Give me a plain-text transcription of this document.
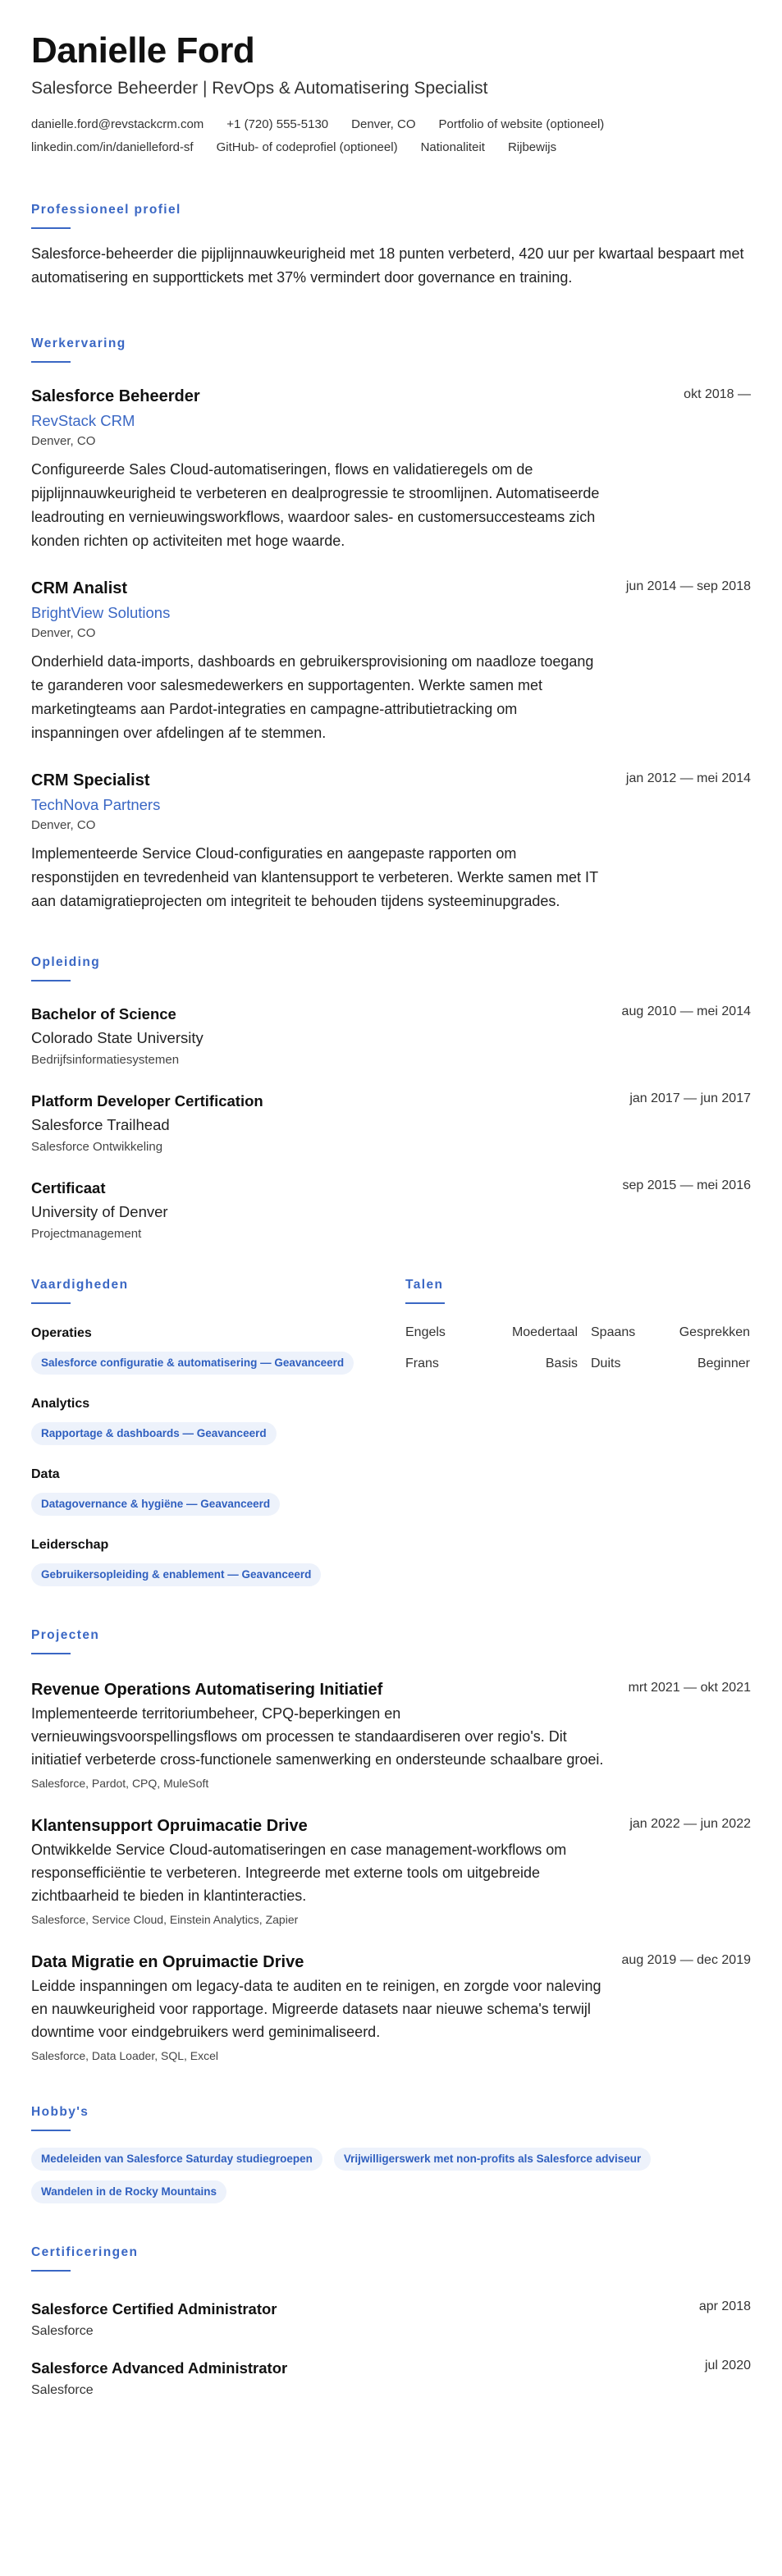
Danielle Ford
Salesforce Beheerder | RevOps & Automatisering Specialist
danielle.ford@revstackcrm.com +1 (720) 555-5130 Denver, CO Portfolio of website (optioneel)
linkedin.com/in/danielleford-sf GitHub- of codeprofiel (optioneel) Nationaliteit Rijbewijs
Professioneel profiel

Salesforce-beheerder die pijplijnnauwkeurigheid met 18 punten verbeterd, 420 uur per kwartaal bespaart met automatisering en supporttickets met 37% vermindert door governance en training.

Werkervaring
Salesforce Beheerder	okt 2018 —
RevStack CRM
Denver, CO

Configureerde Sales Cloud-automatiseringen, flows en validatieregels om de pijplijnnauwkeurigheid te verbeteren en dealprogressie te stroomlijnen. Automatiseerde leadrouting en vernieuwingsworkflows, waardoor sales- en customersuccesteams zich konden richten op activiteiten met hoge waarde.

CRM Analist	jun 2014 — sep 2018
BrightView Solutions
Denver, CO

Onderhield data-imports, dashboards en gebruikersprovisioning om naadloze toegang te garanderen voor salesmedewerkers en supportagenten. Werkte samen met marketingteams aan Pardot-integraties en campagne-attributietracking om inspanningen over afdelingen af te stemmen.

CRM Specialist	jan 2012 — mei 2014
TechNova Partners
Denver, CO

Implementeerde Service Cloud-configuraties en aangepaste rapporten om responstijden en tevredenheid van klantensupport te verbeteren. Werkte samen met IT aan datamigratieprojecten om integriteit te behouden tijdens systeeminupgrades.

Opleiding
Bachelor of Science	aug 2010 — mei 2014
Colorado State University
Bedrijfsinformatiesystemen
Platform Developer Certification	jan 2017 — jun 2017
Salesforce Trailhead
Salesforce Ontwikkeling
Certificaat	sep 2015 — mei 2016
University of Denver
Projectmanagement
Vaardigheden
Operaties
Salesforce configuratie & automatisering — Geavanceerd
Analytics
Rapportage & dashboards — Geavanceerd
Data
Datagovernance & hygiëne — Geavanceerd
Leiderschap
Gebruikersopleiding & enablement — Geavanceerd
Talen
Engels	Moedertaal	Spaans	Gesprekken
Frans	Basis	Duits	Beginner
Projecten
Revenue Operations Automatisering Initiatief	mrt 2021 — okt 2021

Implementeerde territoriumbeheer, CPQ-beperkingen en vernieuwingsvoorspellingsflows om processen te standaardiseren over regio's. Dit initiatief verbeterde cross-functionele samenwerking en ondersteunde schaalbare groei.

Salesforce, Pardot, CPQ, MuleSoft
Klantensupport Opruimacatie Drive	jan 2022 — jun 2022

Ontwikkelde Service Cloud-automatiseringen en case management-workflows om responsefficiëntie te verbeteren. Integreerde met externe tools om uitgebreide zichtbaarheid te bieden in klantinteracties.

Salesforce, Service Cloud, Einstein Analytics, Zapier
Data Migratie en Opruimactie Drive	aug 2019 — dec 2019

Leidde inspanningen om legacy-data te auditen en te reinigen, en zorgde voor naleving en nauwkeurigheid voor rapportage. Migreerde datasets naar nieuwe schema's terwijl downtime voor eindgebruikers werd geminimaliseerd.

Salesforce, Data Loader, SQL, Excel
Hobby's
Medeleiden van Salesforce Saturday studiegroepen	Vrijwilligerswerk met non-profits als Salesforce adviseur
Wandelen in de Rocky Mountains
Certificeringen
Salesforce Certified Administrator	apr 2018
Salesforce
Salesforce Advanced Administrator	jul 2020
Salesforce
